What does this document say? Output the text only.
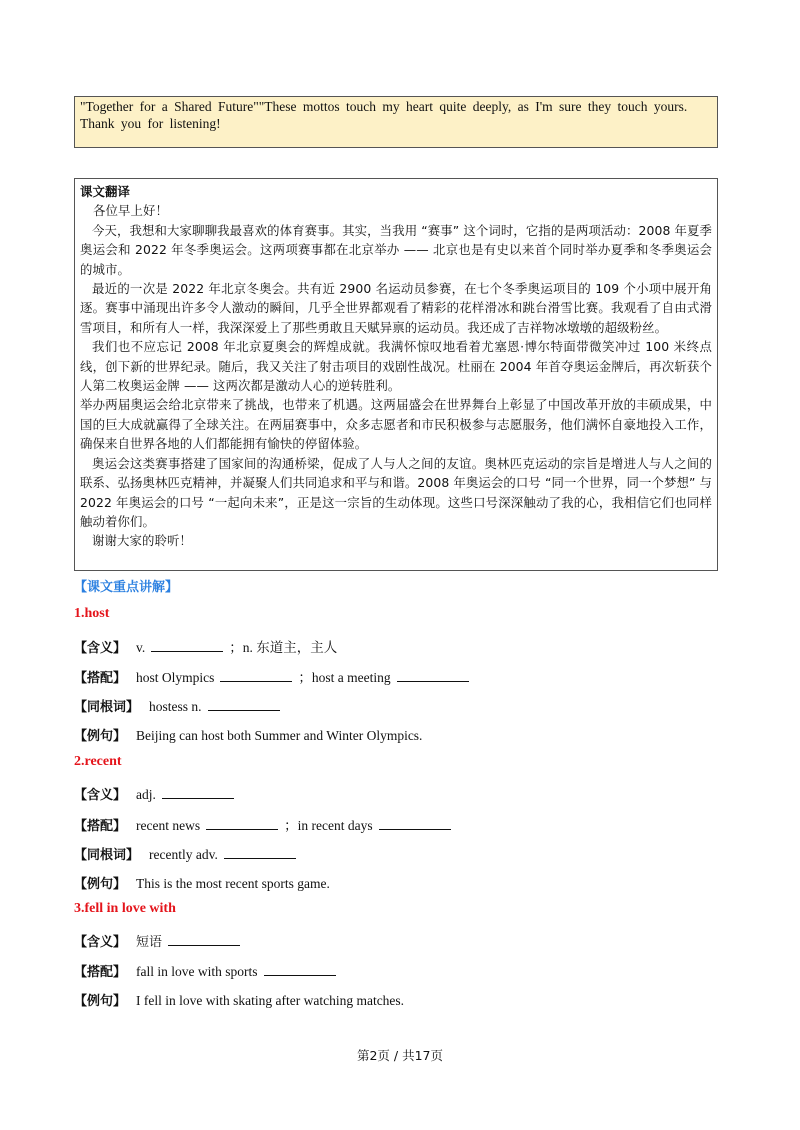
"Together for a Shared Future""These mottos touch my heart quite deeply, as I'm sure they touch yours.

Thank you for listening!

课文翻译

各位早上好！

今天，我想和大家聊聊我最喜欢的体育赛事。其实，当我用 “赛事” 这个词时，它指的是两项活动：2008 年夏季奥运会和 2022 年冬季奥运会。这两项赛事都在北京举办 —— 北京也是有史以来首个同时举办夏季和冬季奥运会的城市。

最近的一次是 2022 年北京冬奥会。共有近 2900 名运动员参赛，在七个冬季奥运项目的 109 个小项中展开角逐。赛事中涌现出许多令人激动的瞬间，几乎全世界都观看了精彩的花样滑冰和跳台滑雪比赛。我观看了自由式滑雪项目，和所有人一样，我深深爱上了那些勇敢且天赋异禀的运动员。我还成了吉祥物冰墩墩的超级粉丝。

我们也不应忘记 2008 年北京夏奥会的辉煌成就。我满怀惊叹地看着尤塞恩·博尔特面带微笑冲过 100 米终点线，创下新的世界纪录。随后，我又关注了射击项目的戏剧性战况。杜丽在 2004 年首夺奥运金牌后，再次斩获个人第二枚奥运金牌 —— 这两次都是激动人心的逆转胜利。

举办两届奥运会给北京带来了挑战，也带来了机遇。这两届盛会在世界舞台上彰显了中国改革开放的丰硕成果，中国的巨大成就赢得了全球关注。在两届赛事中，众多志愿者和市民积极参与志愿服务，他们满怀自豪地投入工作，确保来自世界各地的人们都能拥有愉快的停留体验。

奥运会这类赛事搭建了国家间的沟通桥梁，促成了人与人之间的友谊。奥林匹克运动的宗旨是增进人与人之间的联系、弘扬奥林匹克精神，并凝聚人们共同追求和平与和谐。2008 年奥运会的口号 “同一个世界，同一个梦想” 与 2022 年奥运会的口号 “一起向未来”，正是这一宗旨的生动体现。这些口号深深触动了我的心，我相信它们也同样触动着你们。

谢谢大家的聆听！

【课文重点讲解】
1.host
【含义】 v.	；n. 东道主，主人
【搭配】 host Olympics	；host a meeting
【同根词】 hostess n.
【例句】 Beijing can host both Summer and Winter Olympics.
2.recent
【含义】 adj.
【搭配】 recent news	；in recent days
【同根词】 recently adv.
【例句】 This is the most recent sports game.
3.fell in love with
【含义】 短语
【搭配】 fall in love with sports
【例句】 I fell in love with skating after watching matches.
第2页 / 共17页
